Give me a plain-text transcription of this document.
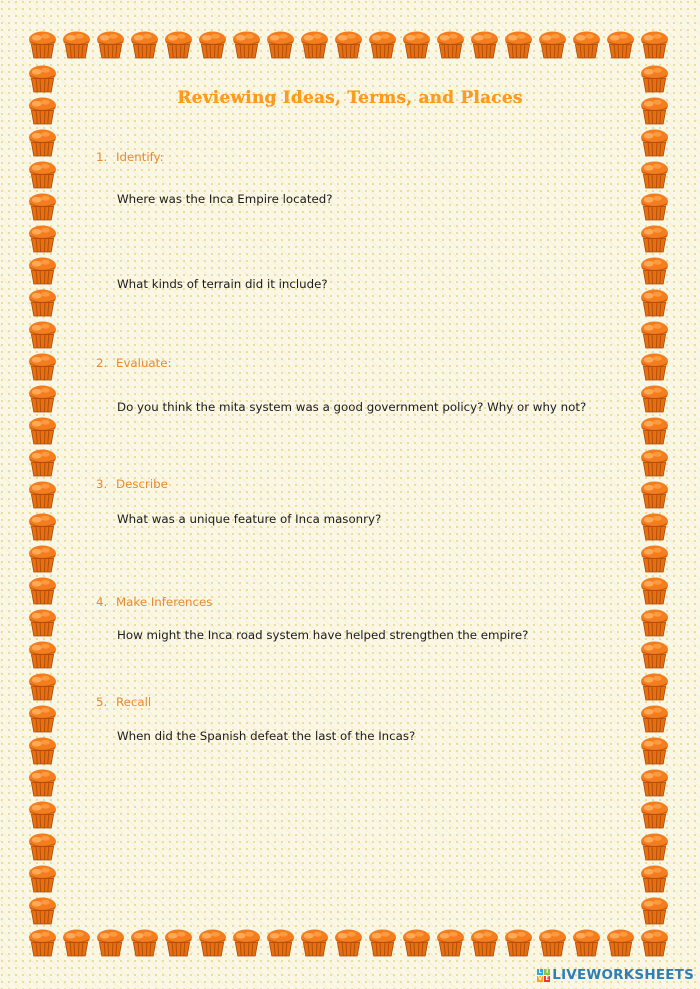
Reviewing Ideas, Terms, and Places
1. Identify:
Where was the Inca Empire located?
What kinds of terrain did it include?
2. Evaluate:
Do you think the mita system was a good government policy? Why or why not?
3. Describe
What was a unique feature of Inca masonry?
4. Make Inferences
How might the Inca road system have helped strengthen the empire?
5. Recall
When did the Spanish defeat the last of the Incas?
L I
V E LIVEWORKSHEETS
